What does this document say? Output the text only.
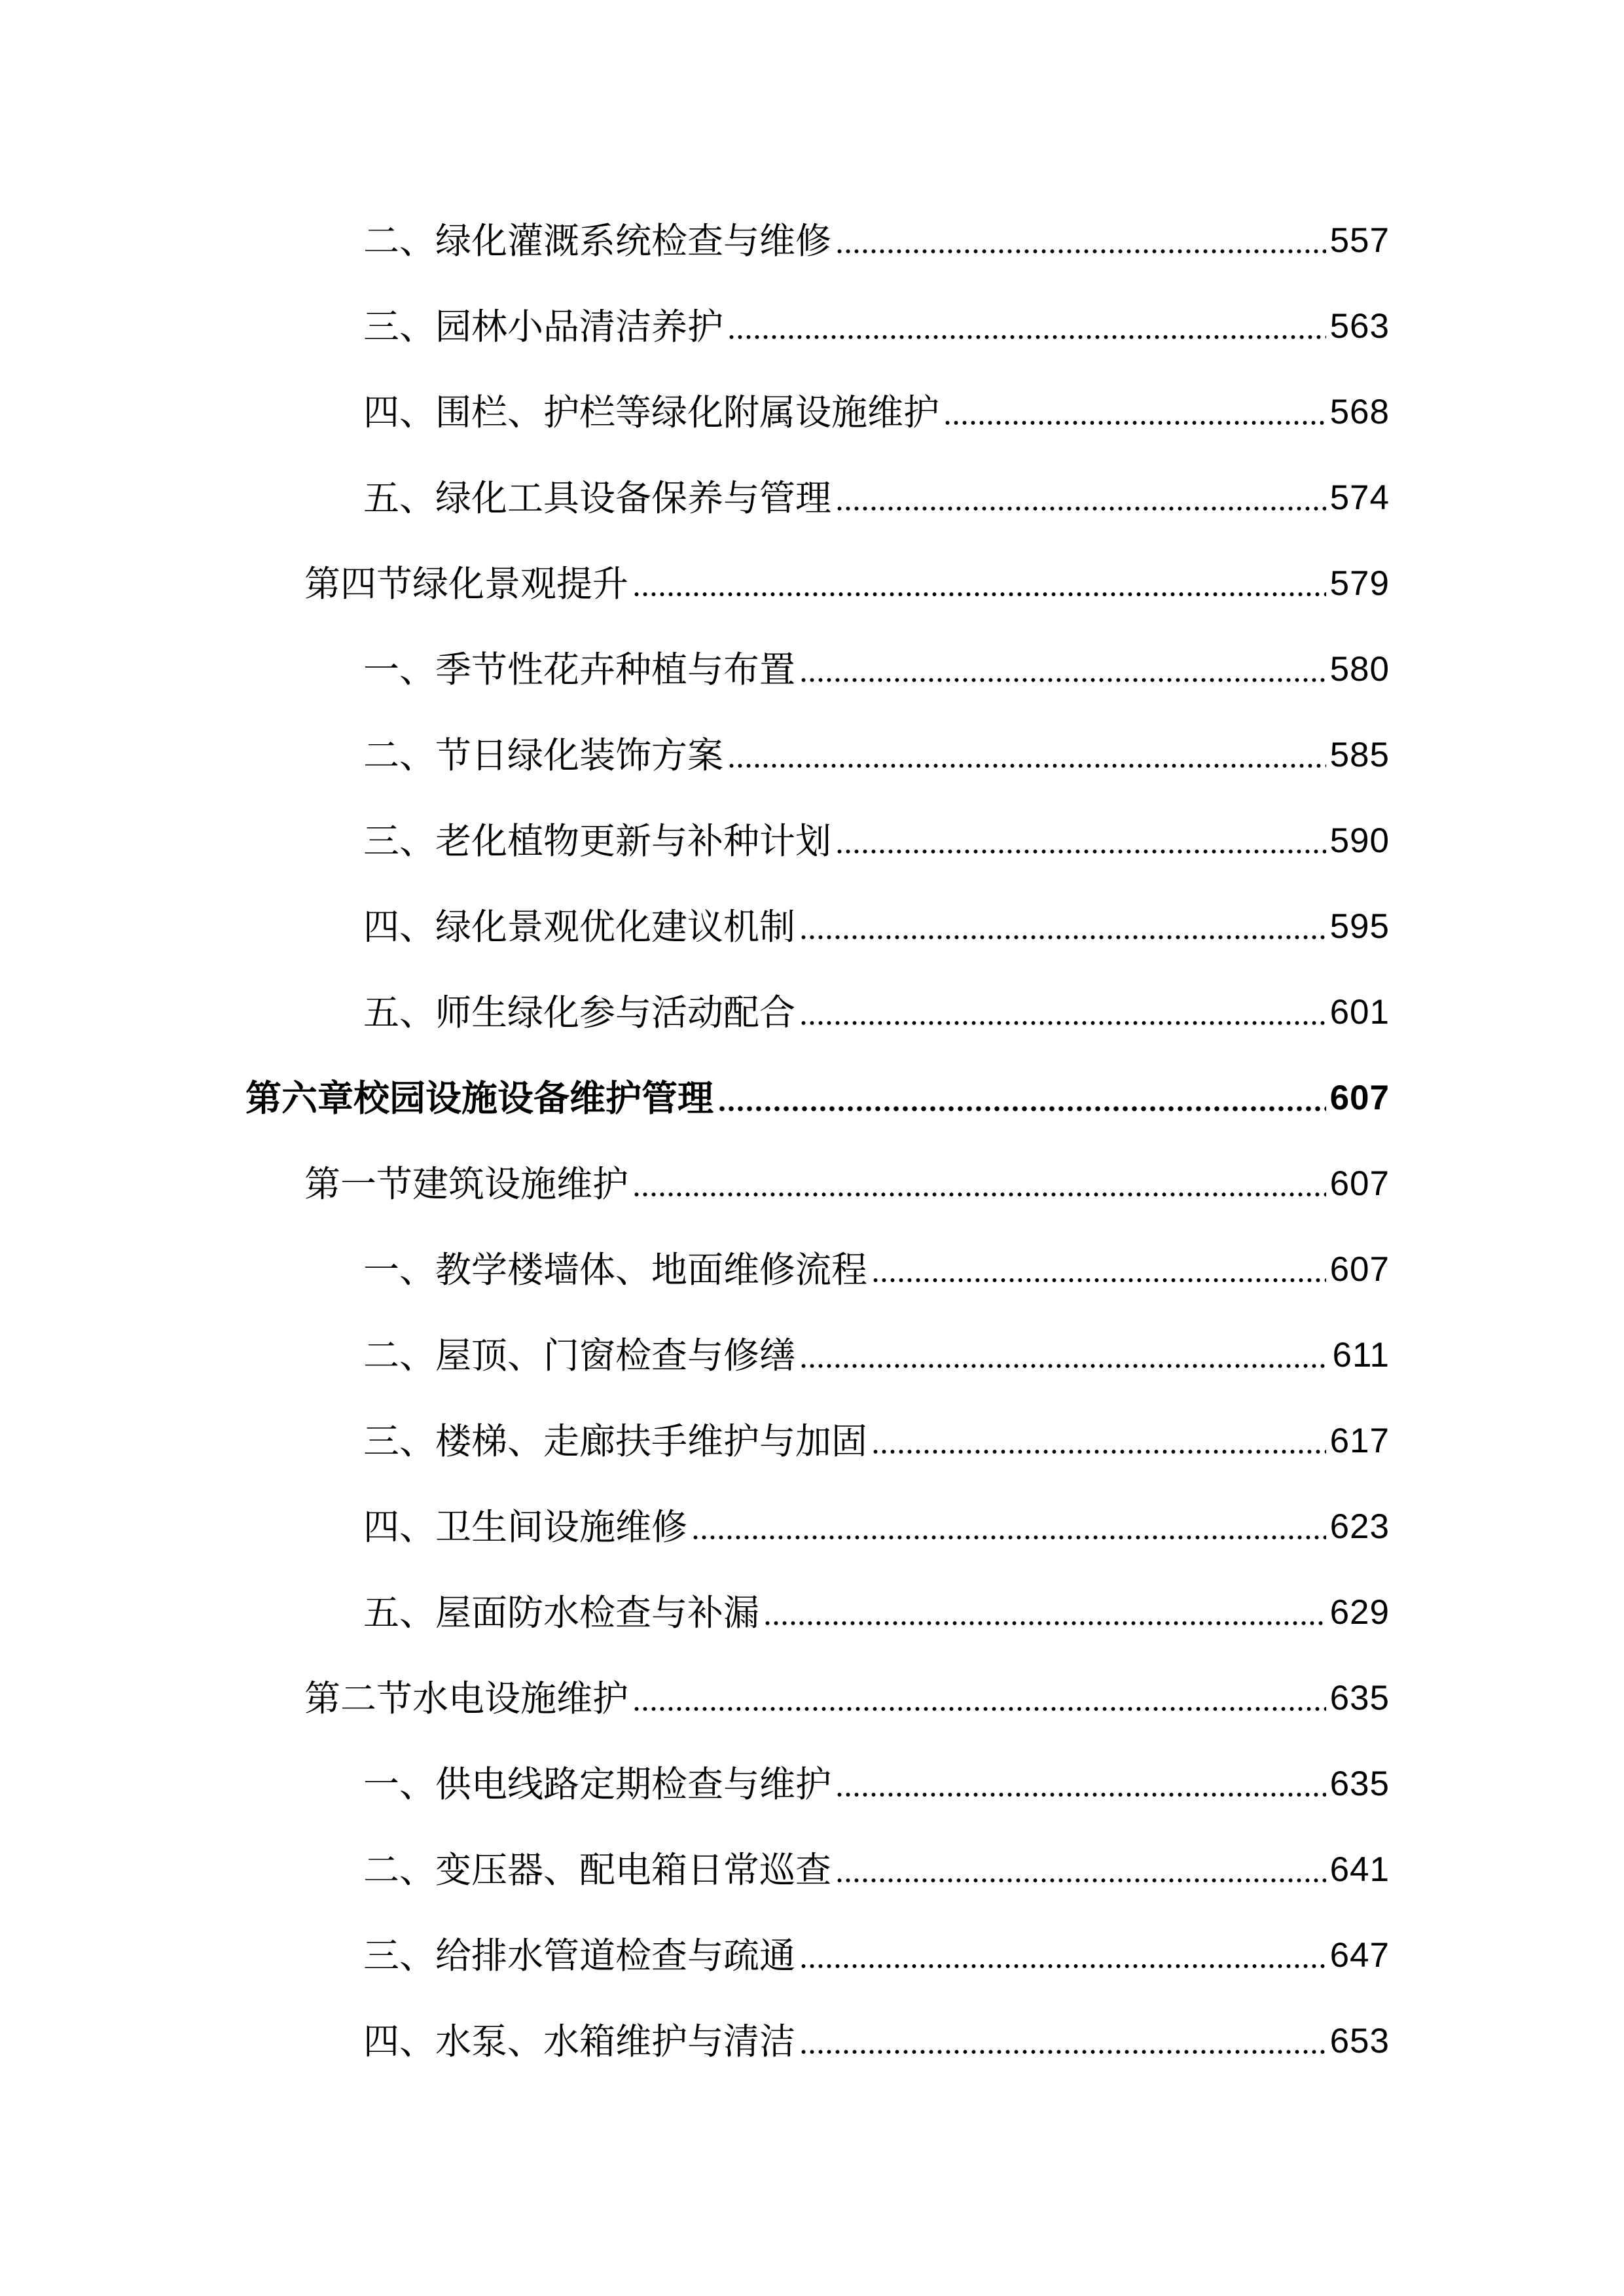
二、绿化灌溉系统检查与维修	557
三、园林小品清洁养护	563
四、围栏、护栏等绿化附属设施维护	568
五、绿化工具设备保养与管理	574
第四节绿化景观提升	579
一、季节性花卉种植与布置	580
二、节日绿化装饰方案	585
三、老化植物更新与补种计划	590
四、绿化景观优化建议机制	595
五、师生绿化参与活动配合	601
第六章校园设施设备维护管理	607
第一节建筑设施维护	607
一、教学楼墙体、地面维修流程	607
二、屋顶、门窗检查与修缮	611
三、楼梯、走廊扶手维护与加固	617
四、卫生间设施维修	623
五、屋面防水检查与补漏	629
第二节水电设施维护	635
一、供电线路定期检查与维护	635
二、变压器、配电箱日常巡查	641
三、给排水管道检查与疏通	647
四、水泵、水箱维护与清洁	653
